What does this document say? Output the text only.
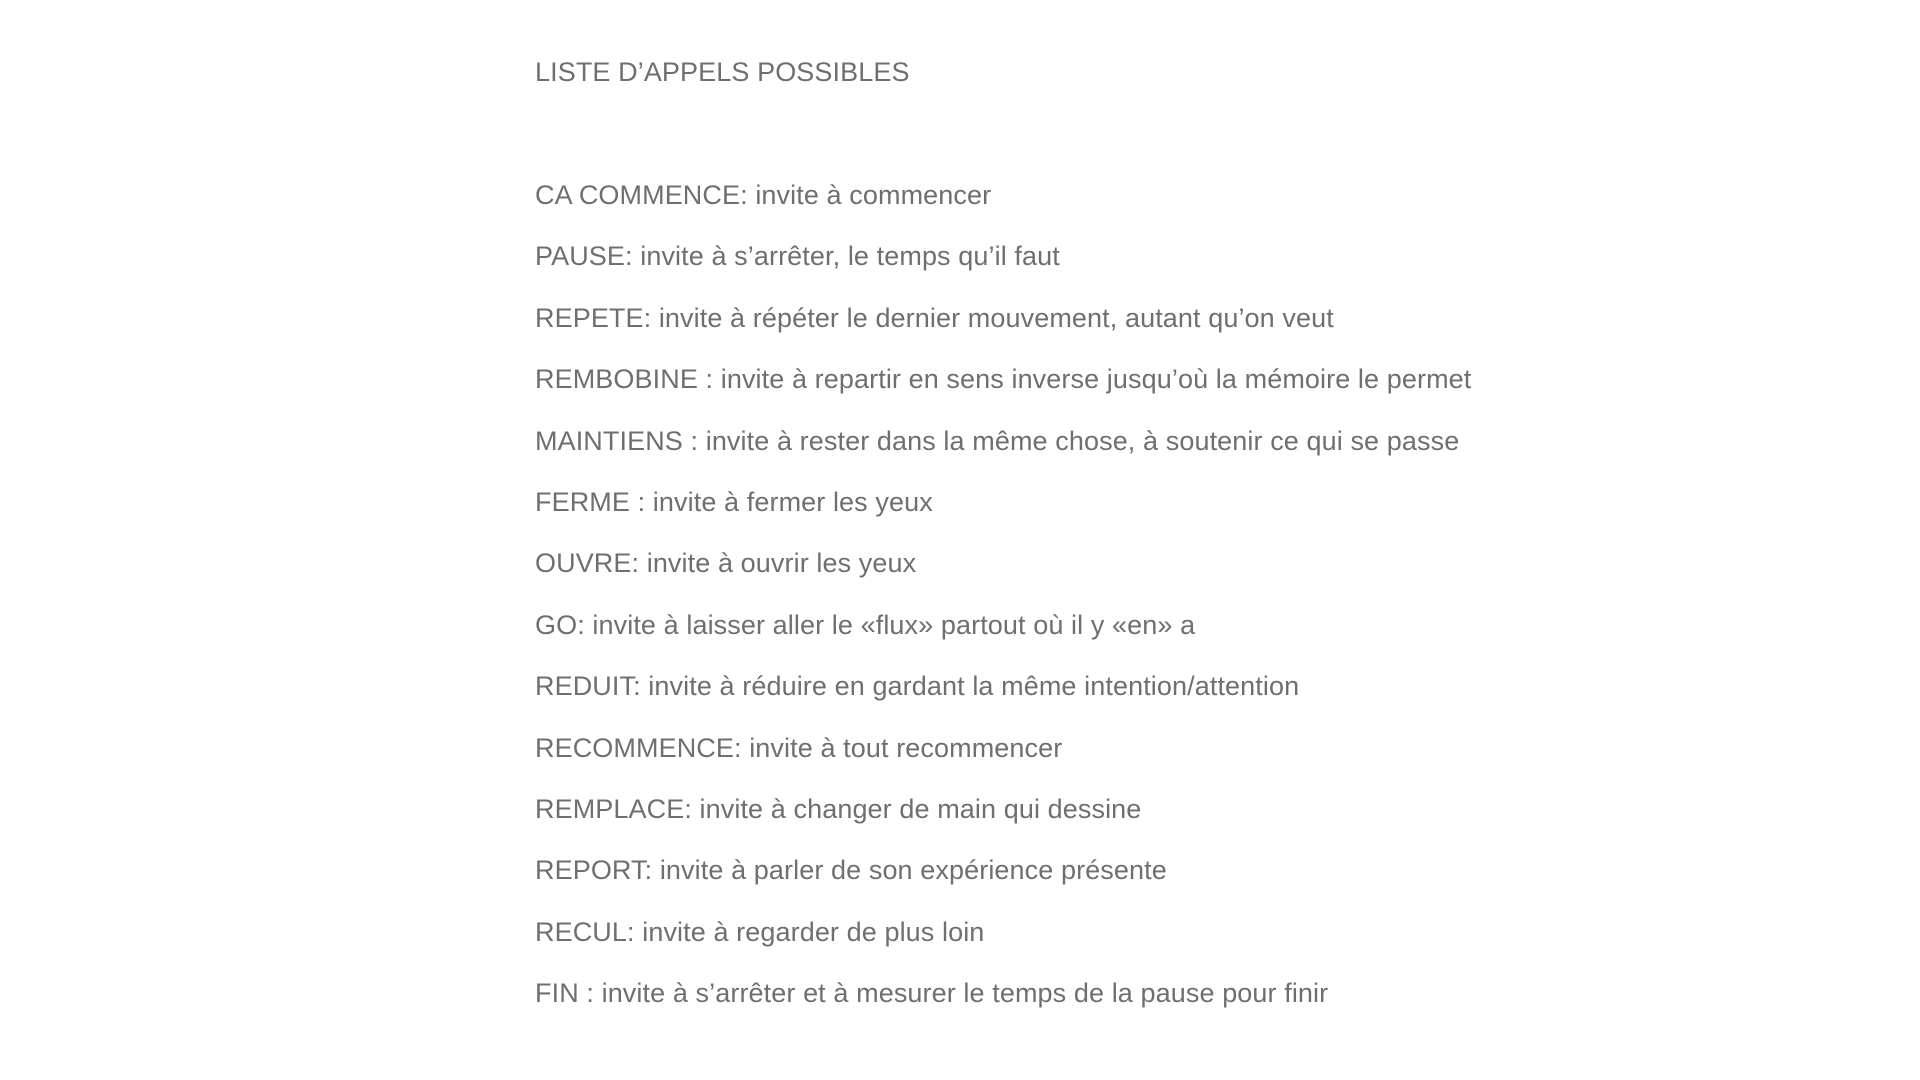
LISTE D’APPELS POSSIBLES
CA COMMENCE: invite à commencer
PAUSE: invite à s’arrêter, le temps qu’il faut
REPETE: invite à répéter le dernier mouvement, autant qu’on veut
REMBOBINE : invite à repartir en sens inverse jusqu’où la mémoire le permet
MAINTIENS : invite à rester dans la même chose, à soutenir ce qui se passe
FERME : invite à fermer les yeux
OUVRE: invite à ouvrir les yeux
GO: invite à laisser aller le «flux» partout où il y «en» a
REDUIT: invite à réduire en gardant la même intention/attention
RECOMMENCE: invite à tout recommencer
REMPLACE: invite à changer de main qui dessine
REPORT: invite à parler de son expérience présente
RECUL: invite à regarder de plus loin
FIN : invite à s’arrêter et à mesurer le temps de la pause pour finir
